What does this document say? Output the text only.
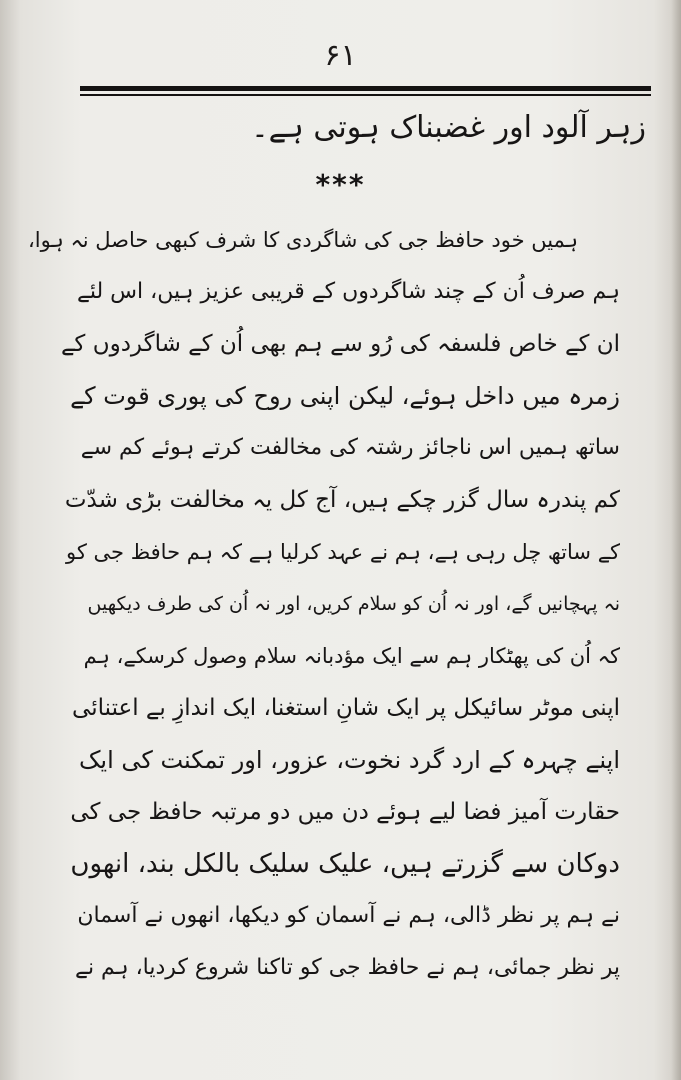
۶۱
زہر آلود اور غضبناک ہوتی ہے۔
***
ہمیں خود حافظ جی کی شاگردی کا شرف کبھی حاصل نہ ہوا،
ہم صرف اُن کے چند شاگردوں کے قریبی عزیز ہیں، اس لئے
ان کے خاص فلسفہ کی رُو سے ہم بھی اُن کے شاگردوں کے
زمرہ میں داخل ہوئے، لیکن اپنی روح کی پوری قوت کے
ساتھ ہمیں اس ناجائز رشتہ کی مخالفت کرتے ہوئے کم سے
کم پندرہ سال گزر چکے ہیں، آج کل یہ مخالفت بڑی شدّت
کے ساتھ چل رہی ہے، ہم نے عہد کرلیا ہے کہ ہم حافظ جی کو
نہ پہچانیں گے، اور نہ اُن کو سلام کریں، اور نہ اُن کی طرف دیکھیں
کہ اُن کی پھٹکار ہم سے ایک مؤدبانہ سلام وصول کرسکے، ہم
اپنی موٹر سائیکل پر ایک شانِ استغنا، ایک اندازِ بے اعتنائی
اپنے چہرہ کے ارد گرد نخوت، عزور، اور تمکنت کی ایک
حقارت آمیز فضا لیے ہوئے دن میں دو مرتبہ حافظ جی کی
دوکان سے گزرتے ہیں، علیک سلیک بالکل بند، انھوں
نے ہم پر نظر ڈالی، ہم نے آسمان کو دیکھا، انھوں نے آسمان
پر نظر جمائی، ہم نے حافظ جی کو تاکنا شروع کردیا، ہم نے
